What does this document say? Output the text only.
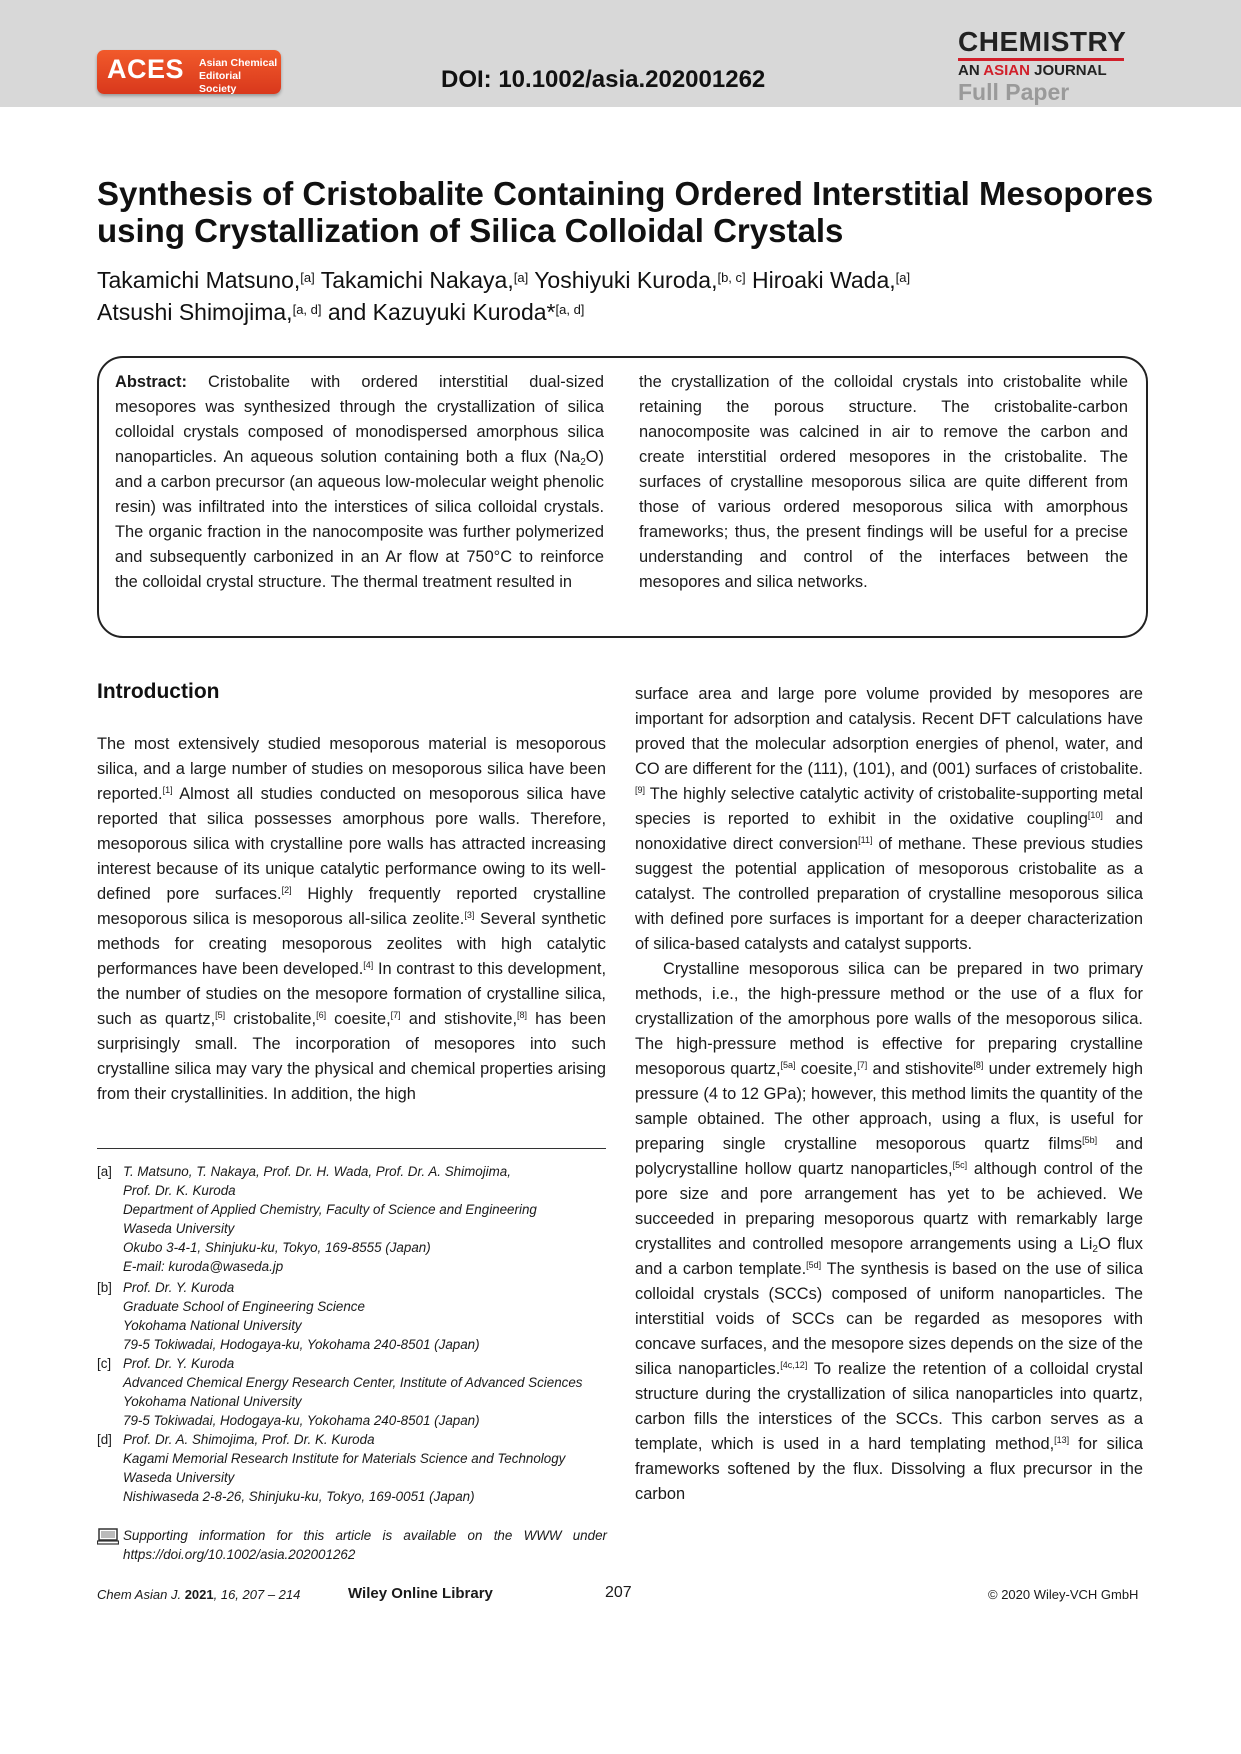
ACES Asian Chemical Editorial Society	DOI: 10.1002/asia.202001262
CHEMISTRY
AN ASIAN JOURNAL
Full Paper
Synthesis of Cristobalite Containing Ordered Interstitial Mesopores using Crystallization of Silica Colloidal Crystals
Takamichi Matsuno,[a] Takamichi Nakaya,[a] Yoshiyuki Kuroda,[b, c] Hiroaki Wada,[a]
Atsushi Shimojima,[a, d] and Kazuyuki Kuroda*[a, d]
Abstract: Cristobalite with ordered interstitial dual-sized mesopores was synthesized through the crystallization of silica colloidal crystals composed of monodispersed amorphous silica nanoparticles. An aqueous solution containing both a flux $(Na_2O)$ and a carbon precursor (an aqueous low-molecular weight phenolic resin) was infiltrated into the interstices of silica colloidal crystals. The organic fraction in the nanocomposite was further polymerized and subsequently carbonized in an Ar flow at 750°C to reinforce the colloidal crystal structure. The thermal treatment resulted in
the crystallization of the colloidal crystals into cristobalite while retaining the porous structure. The cristobalite-carbon nanocomposite was calcined in air to remove the carbon and create interstitial ordered mesopores in the cristobalite. The surfaces of crystalline mesoporous silica are quite different from those of various ordered mesoporous silica with amorphous frameworks; thus, the present findings will be useful for a precise understanding and control of the interfaces between the mesopores and silica networks.
Introduction

The most extensively studied mesoporous material is mesoporous silica, and a large number of studies on mesoporous silica have been reported.[1] Almost all studies conducted on mesoporous silica have reported that silica possesses amorphous pore walls. Therefore, mesoporous silica with crystalline pore walls has attracted increasing interest because of its unique catalytic performance owing to its well-defined pore surfaces.[2] Highly frequently reported crystalline mesoporous silica is mesoporous all-silica zeolite.[3] Several synthetic methods for creating mesoporous zeolites with high catalytic performances have been developed.[4] In contrast to this development, the number of studies on the mesopore formation of crystalline silica, such as quartz,[5] cristobalite,[6] coesite,[7] and stishovite,[8] has been surprisingly small. The incorporation of mesopores into such crystalline silica may vary the physical and chemical properties arising from their crystallinities. In addition, the high

surface area and large pore volume provided by mesopores are important for adsorption and catalysis. Recent DFT calculations have proved that the molecular adsorption energies of phenol, water, and CO are different for the (111), (101), and (001) surfaces of cristobalite.[9] The highly selective catalytic activity of cristobalite-supporting metal species is reported to exhibit in the oxidative coupling[10] and nonoxidative direct conversion[11] of methane. These previous studies suggest the potential application of mesoporous cristobalite as a catalyst. The controlled preparation of crystalline mesoporous silica with defined pore surfaces is important for a deeper characterization of silica-based catalysts and catalyst supports.

Crystalline mesoporous silica can be prepared in two primary methods, i.e., the high-pressure method or the use of a flux for crystallization of the amorphous pore walls of the mesoporous silica. The high-pressure method is effective for preparing crystalline mesoporous quartz,[5a] coesite,[7] and stishovite[8] under extremely high pressure (4 to 12 GPa); however, this method limits the quantity of the sample obtained. The other approach, using a flux, is useful for preparing single crystalline mesoporous quartz films[5b] and polycrystalline hollow quartz nanoparticles,[5c] although control of the pore size and pore arrangement has yet to be achieved. We succeeded in preparing mesoporous quartz with remarkably large crystallites and controlled mesopore arrangements using a $Li_2O$ flux and a carbon template.[5d] The synthesis is based on the use of silica colloidal crystals (SCCs) composed of uniform nanoparticles. The interstitial voids of SCCs can be regarded as mesopores with concave surfaces, and the mesopore sizes depends on the size of the silica nanoparticles.[4c,12] To realize the retention of a colloidal crystal structure during the crystallization of silica nanoparticles into quartz, carbon fills the interstices of the SCCs. This carbon serves as a template, which is used in a hard templating method,[13] for silica frameworks softened by the flux. Dissolving a flux precursor in the carbon

[a] T. Matsuno, T. Nakaya, Prof. Dr. H. Wada, Prof. Dr. A. Shimojima,
Prof. Dr. K. Kuroda
Department of Applied Chemistry, Faculty of Science and Engineering
Waseda University
Okubo 3-4-1, Shinjuku-ku, Tokyo, 169-8555 (Japan)
E-mail: kuroda@waseda.jp
[b] Prof. Dr. Y. Kuroda
Graduate School of Engineering Science
Yokohama National University
79-5 Tokiwadai, Hodogaya-ku, Yokohama 240-8501 (Japan)
[c] Prof. Dr. Y. Kuroda
Advanced Chemical Energy Research Center, Institute of Advanced Sciences
Yokohama National University
79-5 Tokiwadai, Hodogaya-ku, Yokohama 240-8501 (Japan)
[d] Prof. Dr. A. Shimojima, Prof. Dr. K. Kuroda
Kagami Memorial Research Institute for Materials Science and Technology
Waseda University
Nishiwaseda 2-8-26, Shinjuku-ku, Tokyo, 169-0051 (Japan)
Supporting information for this article is available on the WWW under https://doi.org/10.1002/asia.202001262
Chem Asian J. 2021, 16, 207 – 214	Wiley Online Library	207	© 2020 Wiley-VCH GmbH
